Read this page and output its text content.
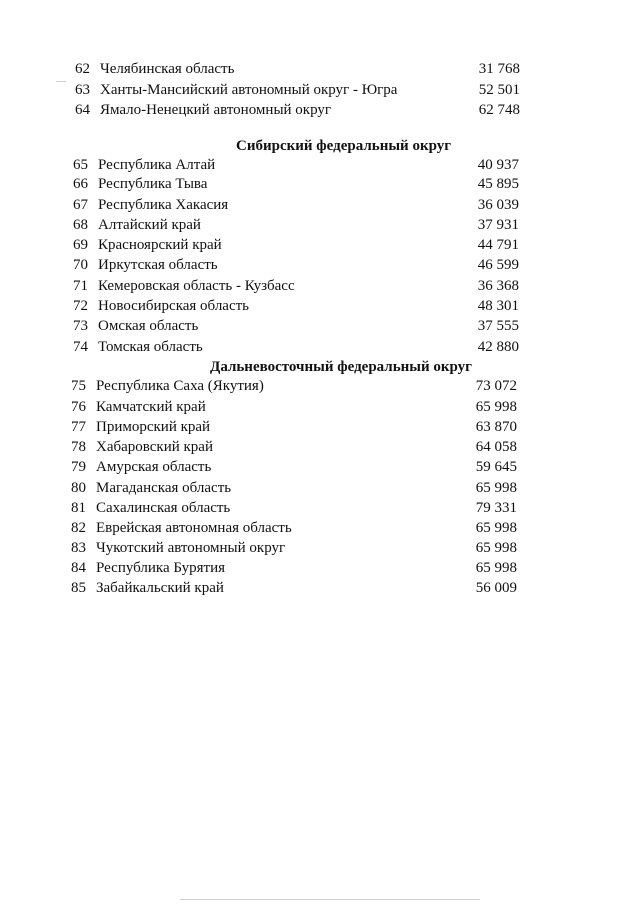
62 Челябинская область	31 768
63 Ханты-Мансийский автономный округ - Югра	52 501
64 Ямало-Ненецкий автономный округ	62 748
Сибирский федеральный округ
65 Республика Алтай	40 937
66 Республика Тыва	45 895
67 Республика Хакасия	36 039
68 Алтайский край	37 931
69 Красноярский край	44 791
70 Иркутская область	46 599
71 Кемеровская область - Кузбасс	36 368
72 Новосибирская область	48 301
73 Омская область	37 555
74 Томская область	42 880
Дальневосточный федеральный округ
75 Республика Саха (Якутия)	73 072
76 Камчатский край	65 998
77 Приморский край	63 870
78 Хабаровский край	64 058
79 Амурская область	59 645
80 Магаданская область	65 998
81 Сахалинская область	79 331
82 Еврейская автономная область	65 998
83 Чукотский автономный округ	65 998
84 Республика Бурятия	65 998
85 Забайкальский край	56 009
